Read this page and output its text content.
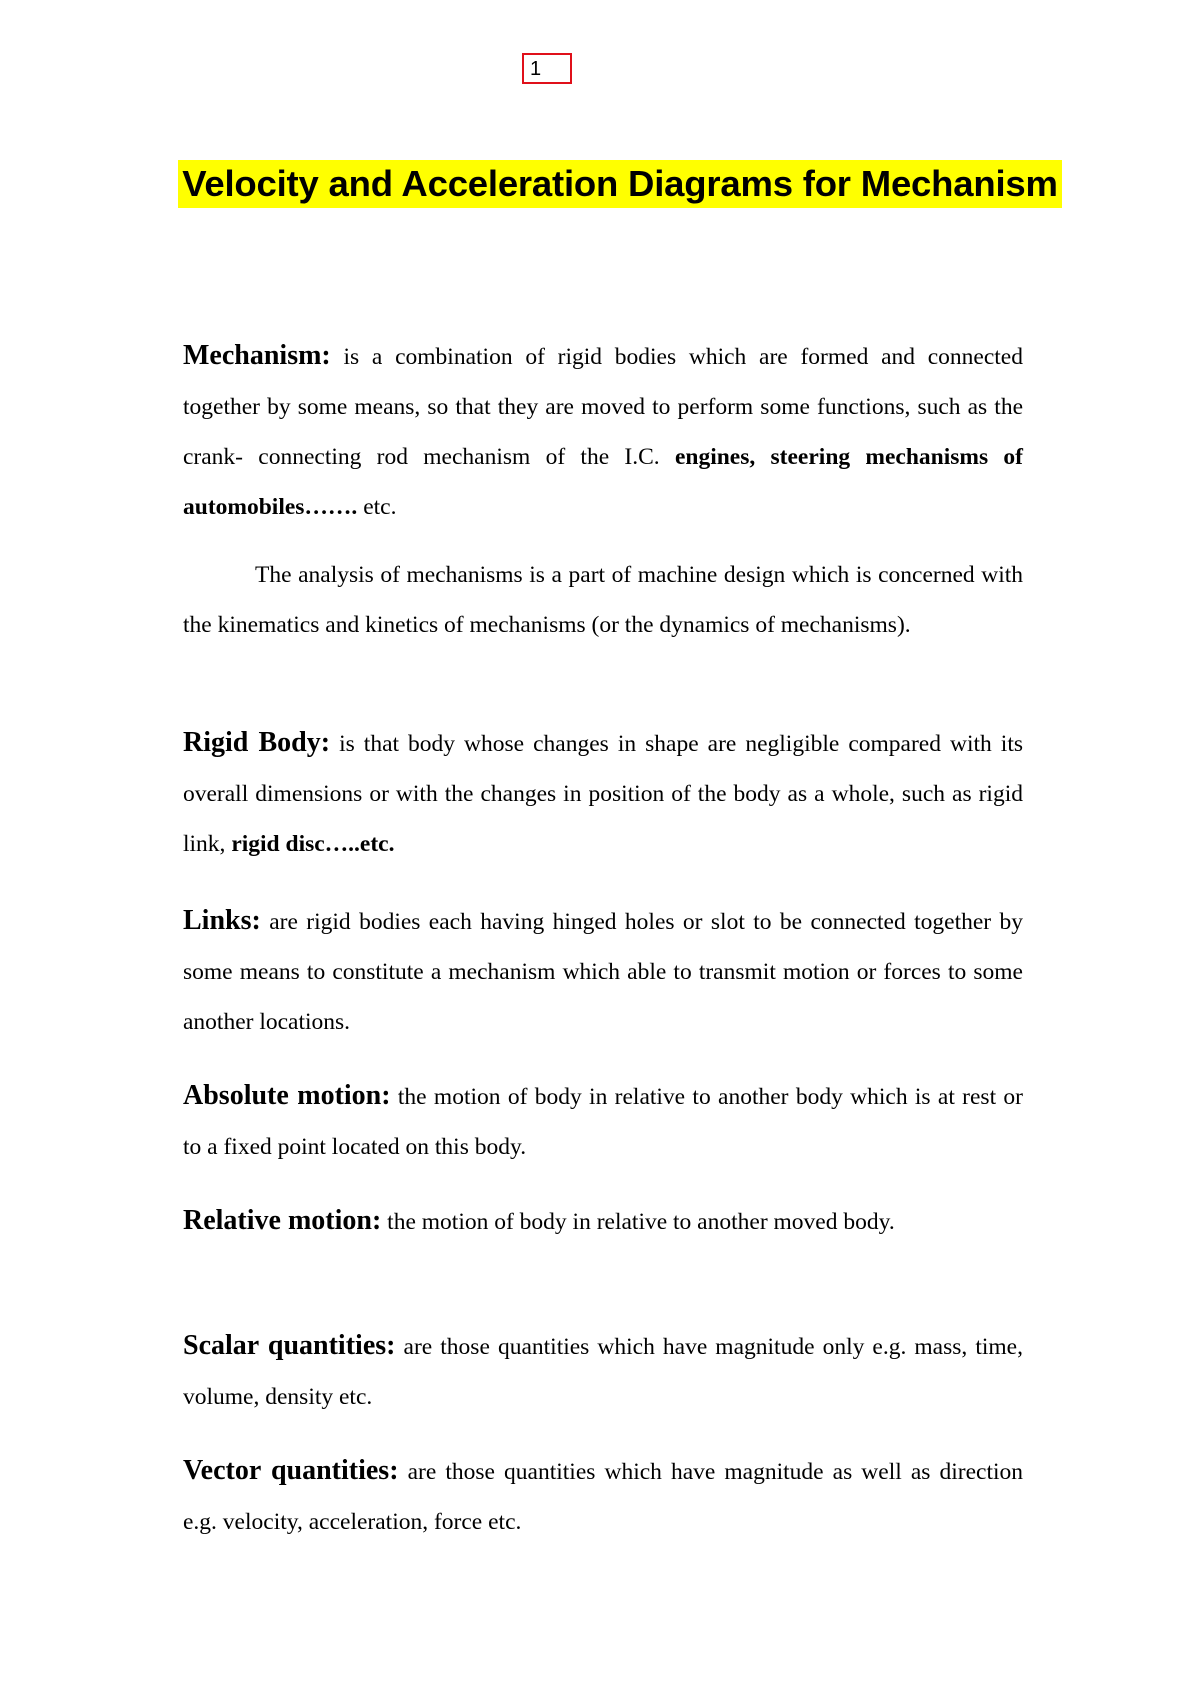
1
Velocity and Acceleration Diagrams for Mechanism

Mechanism: is a combination of rigid bodies which are formed and connected together by some means, so that they are moved to perform some functions, such as the crank- connecting rod mechanism of the I.C. engines, steering mechanisms of automobiles……. etc.

The analysis of mechanisms is a part of machine design which is concerned with the kinematics and kinetics of mechanisms (or the dynamics of mechanisms).

Rigid Body: is that body whose changes in shape are negligible compared with its overall dimensions or with the changes in position of the body as a whole, such as rigid link, rigid disc…..etc.

Links: are rigid bodies each having hinged holes or slot to be connected together by some means to constitute a mechanism which able to transmit motion or forces to some another locations.

Absolute motion: the motion of body in relative to another body which is at rest or to a fixed point located on this body.

Relative motion: the motion of body in relative to another moved body.

Scalar quantities: are those quantities which have magnitude only e.g. mass, time, volume, density etc.

Vector quantities: are those quantities which have magnitude as well as direction e.g. velocity, acceleration, force etc.
